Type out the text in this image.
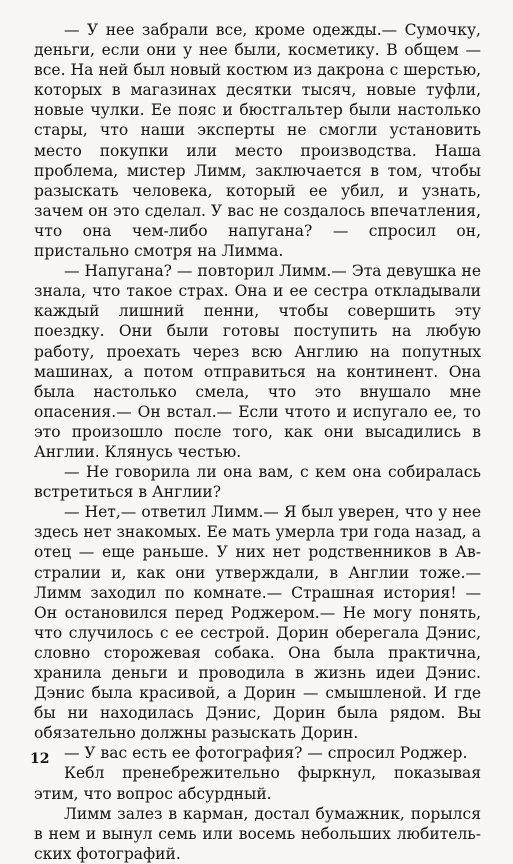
— У нее забрали все, кроме одежды.— Сумочку, деньги, если они у нее были, косметику. В общем — все. На ней был новый костюм из дакрона с шерстью, которых в магазинах десятки тысяч, новые туфли, новые чулки. Ее пояс и бюстгальтер были настолько стары, что наши эксперты не смогли установить место покупки или место производства. Наша проблема, мистер Лимм, заключается в том, чтобы разыскать человека, который ее убил, и узнать, зачем он это сделал. У вас не создалось впечатления, что она чем-либо напугана? — спросил он, пристально смотря на Лимма.

— Напугана? — повторил Лимм.— Эта девушка не знала, что такое страх. Она и ее сестра откладывали каждый лишний пенни, чтобы совершить эту поездку. Они были готовы поступить на любую работу, проехать через всю Англию на попутных машинах, а потом отправиться на континент. Она была настолько смела, что это внушало мне опасения.— Он встал.— Если чтото и испугало ее, то это произошло после того, как они высадились в Англии. Клянусь честью.

— Не говорила ли она вам, с кем она собиралась встретиться в Англии?

— Нет,— ответил Лимм.— Я был уверен, что у нее здесь нет знакомых. Ее мать умерла три года назад, а отец — еще раньше. У них нет родственников в Австралии и, как они утверждали, в Англии тоже.— Лимм заходил по комнате.— Страшная история! — Он остановился перед Роджером.— Не могу понять, что случилось с ее сестрой. Дорин оберегала Дэнис, словно сторожевая собака. Она была практична, хранила деньги и проводила в жизнь идеи Дэнис. Дэнис была красивой, а Дорин — смышленой. И где бы ни находилась Дэнис, Дорин была рядом. Вы обязательно должны разыскать Дорин.

— У вас есть ее фотография? — спросил Роджер.

Кебл пренебрежительно фыркнул, показывая этим, что вопрос абсурдный.

Лимм залез в карман, достал бумажник, порылся в нем и вынул семь или восемь небольших любительских фотографий.

12
